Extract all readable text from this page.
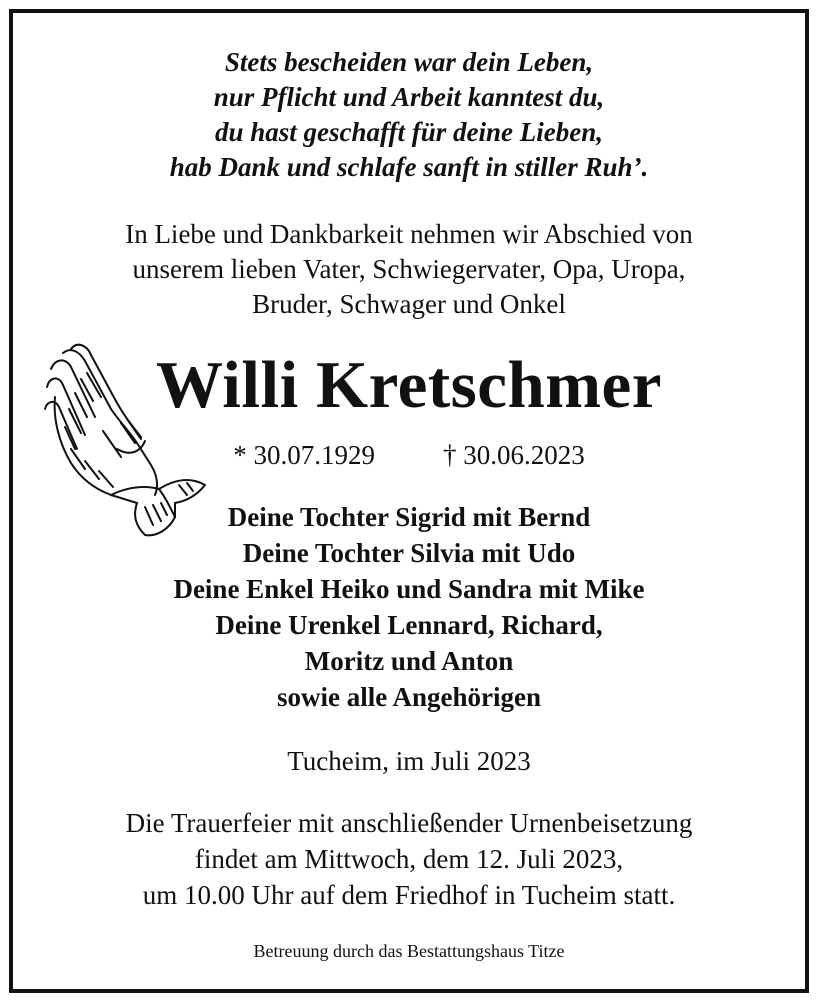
Stets bescheiden war dein Leben,
nur Pflicht und Arbeit kanntest du,
du hast geschafft für deine Lieben,
hab Dank und schlafe sanft in stiller Ruh’.
In Liebe und Dankbarkeit nehmen wir Abschied von
unserem lieben Vater, Schwiegervater, Opa, Uropa,
Bruder, Schwager und Onkel
Willi Kretschmer
* 30.07.1929	† 30.06.2023
Deine Tochter Sigrid mit Bernd
Deine Tochter Silvia mit Udo
Deine Enkel Heiko und Sandra mit Mike
Deine Urenkel Lennard, Richard,
Moritz und Anton
sowie alle Angehörigen
Tucheim, im Juli 2023
Die Trauerfeier mit anschließender Urnenbeisetzung
findet am Mittwoch, dem 12. Juli 2023,
um 10.00 Uhr auf dem Friedhof in Tucheim statt.
Betreuung durch das Bestattungshaus Titze
